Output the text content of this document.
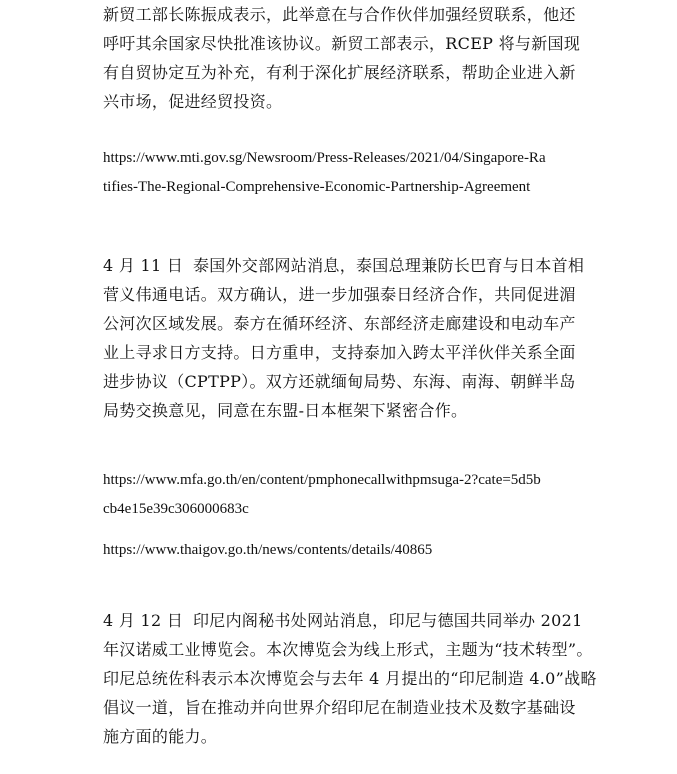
新贸工部长陈振成表示，此举意在与合作伙伴加强经贸联系，他还
呼吁其余国家尽快批准该协议。新贸工部表示，RCEP 将与新国现
有自贸协定互为补充，有利于深化扩展经济联系，帮助企业进入新
兴市场，促进经贸投资。

https://www.mti.gov.sg/Newsroom/Press-Releases/2021/04/Singapore-Ra
tifies-The-Regional-Comprehensive-Economic-Partnership-Agreement

4 月 11 日 泰国外交部网站消息，泰国总理兼防长巴育与日本首相
菅义伟通电话。双方确认，进一步加强泰日经济合作，共同促进湄
公河次区域发展。泰方在循环经济、东部经济走廊建设和电动车产
业上寻求日方支持。日方重申，支持泰加入跨太平洋伙伴关系全面
进步协议（CPTPP）。双方还就缅甸局势、东海、南海、朝鲜半岛
局势交换意见，同意在东盟-日本框架下紧密合作。

https://www.mfa.go.th/en/content/pmphonecallwithpmsuga-2?cate=5d5b
cb4e15e39c306000683c

https://www.thaigov.go.th/news/contents/details/40865

4 月 12 日 印尼内阁秘书处网站消息，印尼与德国共同举办 2021
年汉诺威工业博览会。本次博览会为线上形式，主题为“技术转型”。
印尼总统佐科表示本次博览会与去年 4 月提出的“印尼制造 4.0”战略
倡议一道，旨在推动并向世界介绍印尼在制造业技术及数字基础设
施方面的能力。
